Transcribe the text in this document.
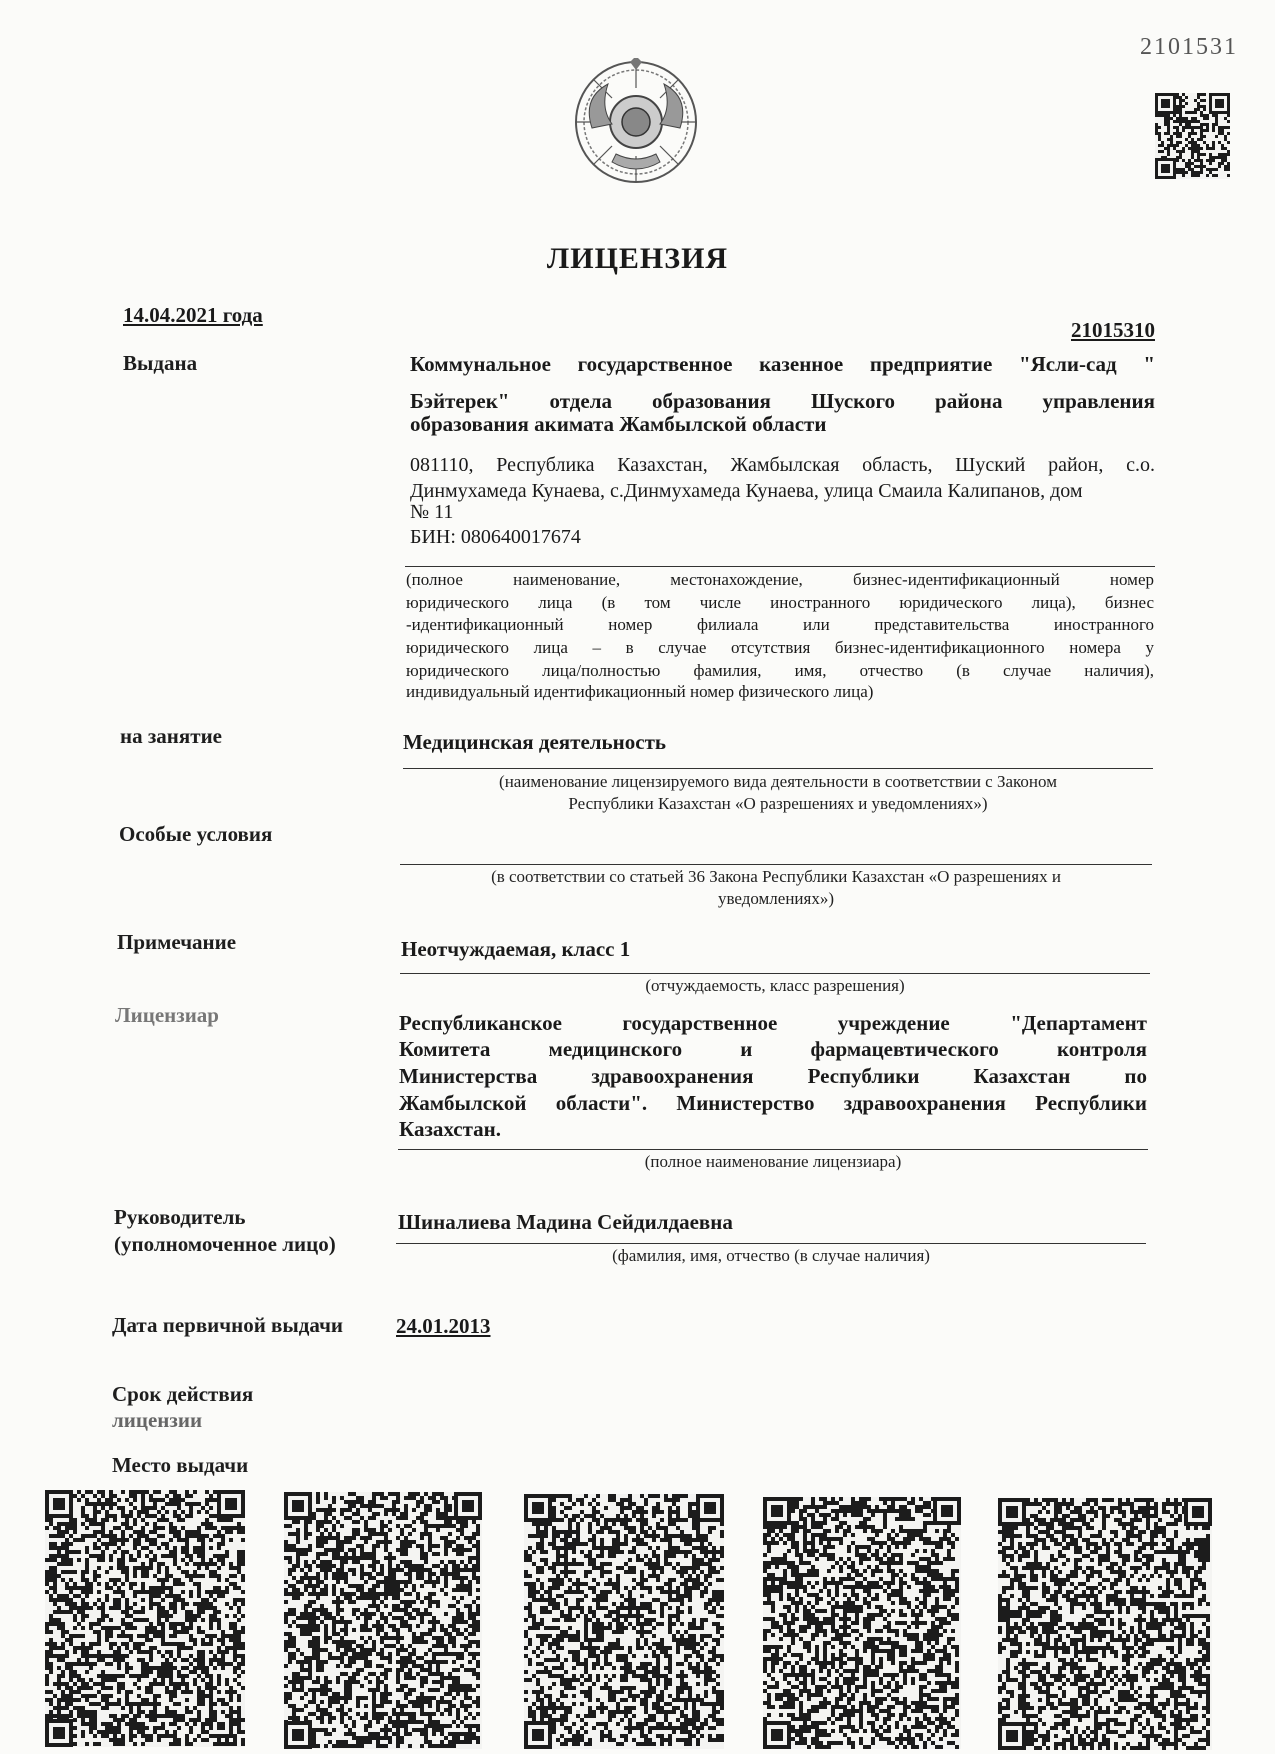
2101531
ЛИЦЕНЗИЯ
14.04.2021 года
21015310
Выдана	Коммунальное государственное казенное предприятие "Ясли-сад "
Бэйтерек" отдела образования Шуского района управления
образования акимата Жамбылской области
081110, Республика Казахстан, Жамбылская область, Шуский район, с.о.
Динмухамеда Кунаева, с.Динмухамеда Кунаева, улица Смаила Калипанов, дом
№ 11
БИН: 080640017674
(полное наименование, местонахождение, бизнес-идентификационный номер
юридического лица (в том числе иностранного юридического лица), бизнес
-идентификационный номер филиала или представительства иностранного
юридического лица – в случае отсутствия бизнес-идентификационного номера у
юридического лица/полностью фамилия, имя, отчество (в случае наличия),
индивидуальный идентификационный номер физического лица)
на занятие	Медицинская деятельность
(наименование лицензируемого вида деятельности в соответствии с Законом
Республики Казахстан «О разрешениях и уведомлениях»)
Особые условия
(в соответствии со статьей 36 Закона Республики Казахстан «О разрешениях и
уведомлениях»)
Примечание	Неотчуждаемая, класс 1
(отчуждаемость, класс разрешения)
Лицензиар	Республиканское государственное учреждение "Департамент
Комитета медицинского и фармацевтического контроля
Министерства здравоохранения Республики Казахстан по
Жамбылской области". Министерство здравоохранения Республики
Казахстан.
(полное наименование лицензиара)
Руководитель
(уполномоченное лицо)
Шиналиева Мадина Сейдилдаевна
(фамилия, имя, отчество (в случае наличия)
Дата первичной выдачи	24.01.2013
Срок действия
лицензии
Место выдачи
